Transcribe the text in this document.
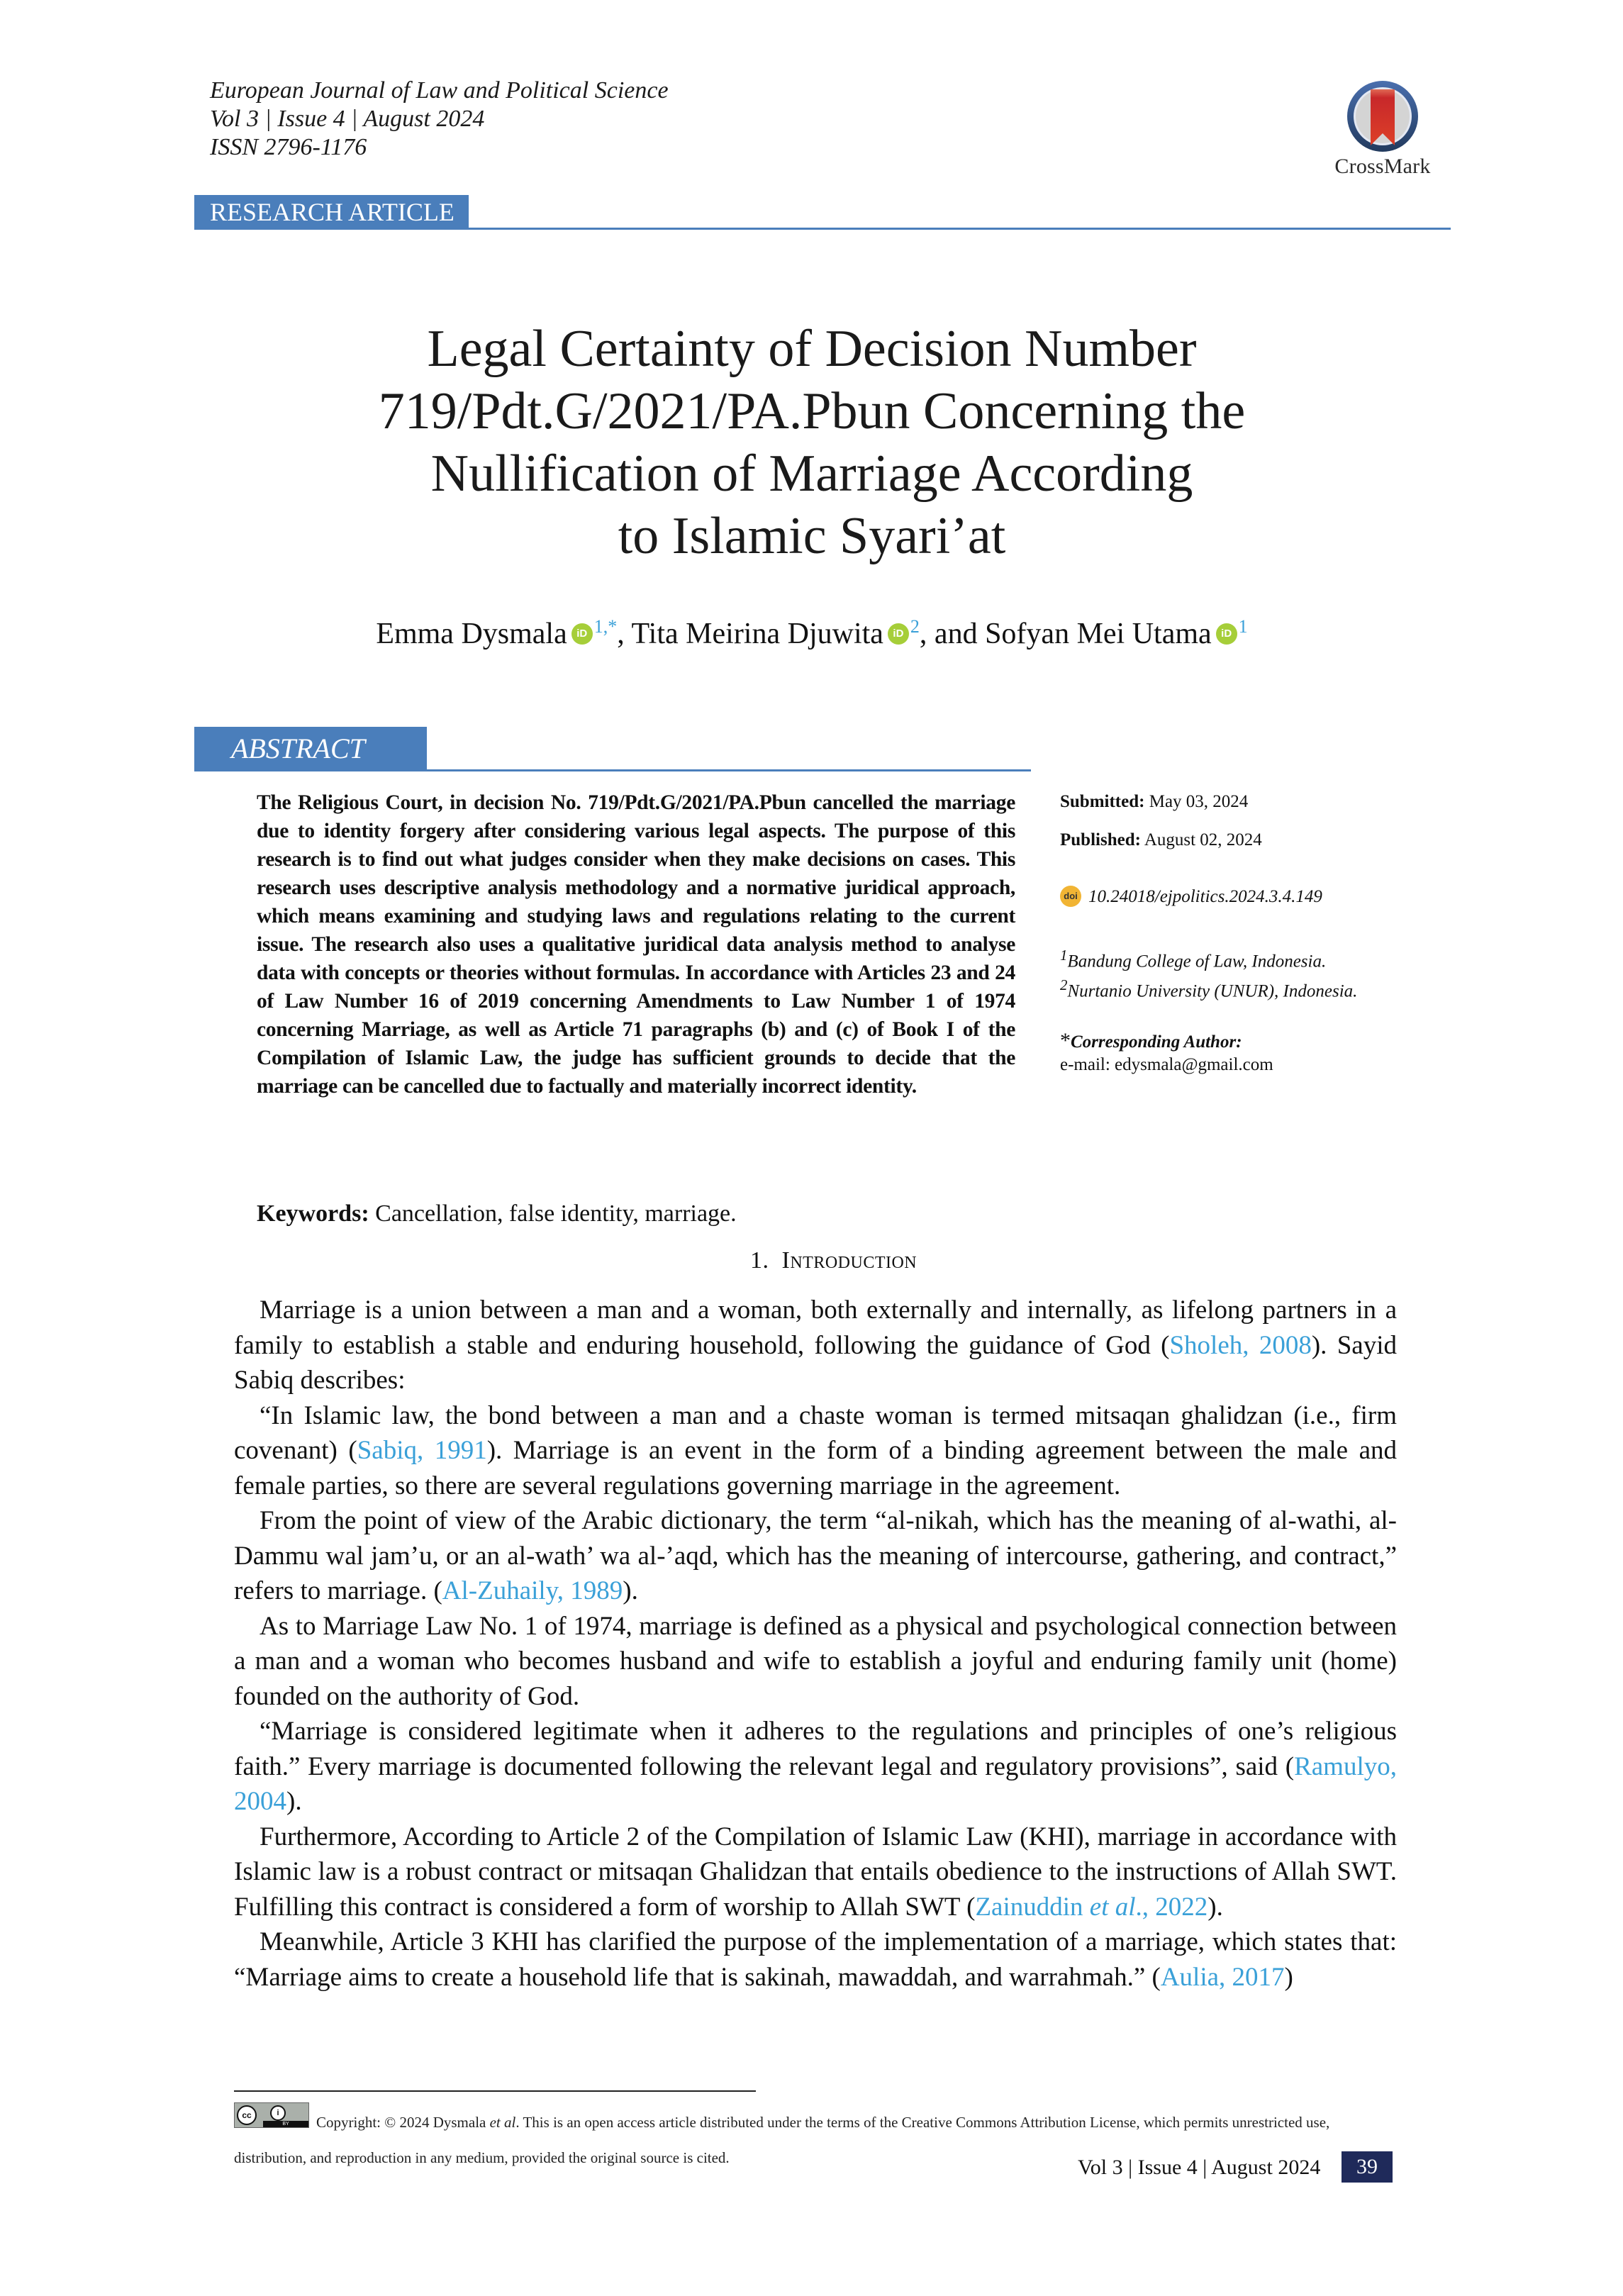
European Journal of Law and Political Science
Vol 3 | Issue 4 | August 2024
ISSN 2796-1176
CrossMark
RESEARCH ARTICLE
Legal Certainty of Decision Number
719/Pdt.G/2021/PA.Pbun Concerning the
Nullification of Marriage According
to Islamic Syari’at
Emma Dysmala iD $^{1,*}$, Tita Meirina Djuwita iD $^2$, and Sofyan Mei Utama iD $^1$
ABSTRACT
The Religious Court, in decision No. 719/Pdt.G/2021/PA.Pbun cancelled the marriage due to identity forgery after considering various legal aspects. The purpose of this research is to find out what judges consider when they make decisions on cases. This research uses descriptive analysis methodology and a normative juridical approach, which means examining and studying laws and regulations relating to the current issue. The research also uses a qualitative juridical data analysis method to analyse data with concepts or theories without formulas. In accordance with Articles 23 and 24 of Law Number 16 of 2019 concerning Amendments to Law Number 1 of 1974 concerning Marriage, as well as Article 71 paragraphs (b) and (c) of Book I of the Compilation of Islamic Law, the judge has sufficient grounds to decide that the marriage can be cancelled due to factually and materially incorrect identity.
Submitted: May 03, 2024
Published: August 02, 2024
doi 10.24018/ejpolitics.2024.3.4.149
$^1$Bandung College of Law, Indonesia.
$^2$Nurtanio University (UNUR), Indonesia.
*Corresponding Author:
e-mail: edysmala@gmail.com
Keywords: Cancellation, false identity, marriage.
1. Introduction

Marriage is a union between a man and a woman, both externally and internally, as lifelong partners in a family to establish a stable and enduring household, following the guidance of God (Sholeh, 2008). Sayid Sabiq describes:

“In Islamic law, the bond between a man and a chaste woman is termed mitsaqan ghalidzan (i.e., firm covenant) (Sabiq, 1991). Marriage is an event in the form of a binding agreement between the male and female parties, so there are several regulations governing marriage in the agreement.

From the point of view of the Arabic dictionary, the term “al-nikah, which has the meaning of al-wathi, al-Dammu wal jam’u, or an al-wath’ wa al-’aqd, which has the meaning of intercourse, gathering, and contract,” refers to marriage. (Al-Zuhaily, 1989).

As to Marriage Law No. 1 of 1974, marriage is defined as a physical and psychological connection between a man and a woman who becomes husband and wife to establish a joyful and enduring family unit (home) founded on the authority of God.

“Marriage is considered legitimate when it adheres to the regulations and principles of one’s religious faith.” Every marriage is documented following the relevant legal and regulatory provisions”, said (Ramulyo, 2004).

Furthermore, According to Article 2 of the Compilation of Islamic Law (KHI), marriage in accordance with Islamic law is a robust contract or mitsaqan Ghalidzan that entails obedience to the instructions of Allah SWT. Fulfilling this contract is considered a form of worship to Allah SWT (Zainuddin et al., 2022).

Meanwhile, Article 3 KHI has clarified the purpose of the implementation of a marriage, which states that: “Marriage aims to create a household life that is sakinah, mawaddah, and warrahmah.” (Aulia, 2017)

cc	i
BY	Copyright: © 2024 Dysmala et al. This is an open access article distributed under the terms of the Creative Commons Attribution License, which permits unrestricted use, distribution, and reproduction in any medium, provided the original source is cited.	Vol 3 | Issue 4 | August 2024	39
